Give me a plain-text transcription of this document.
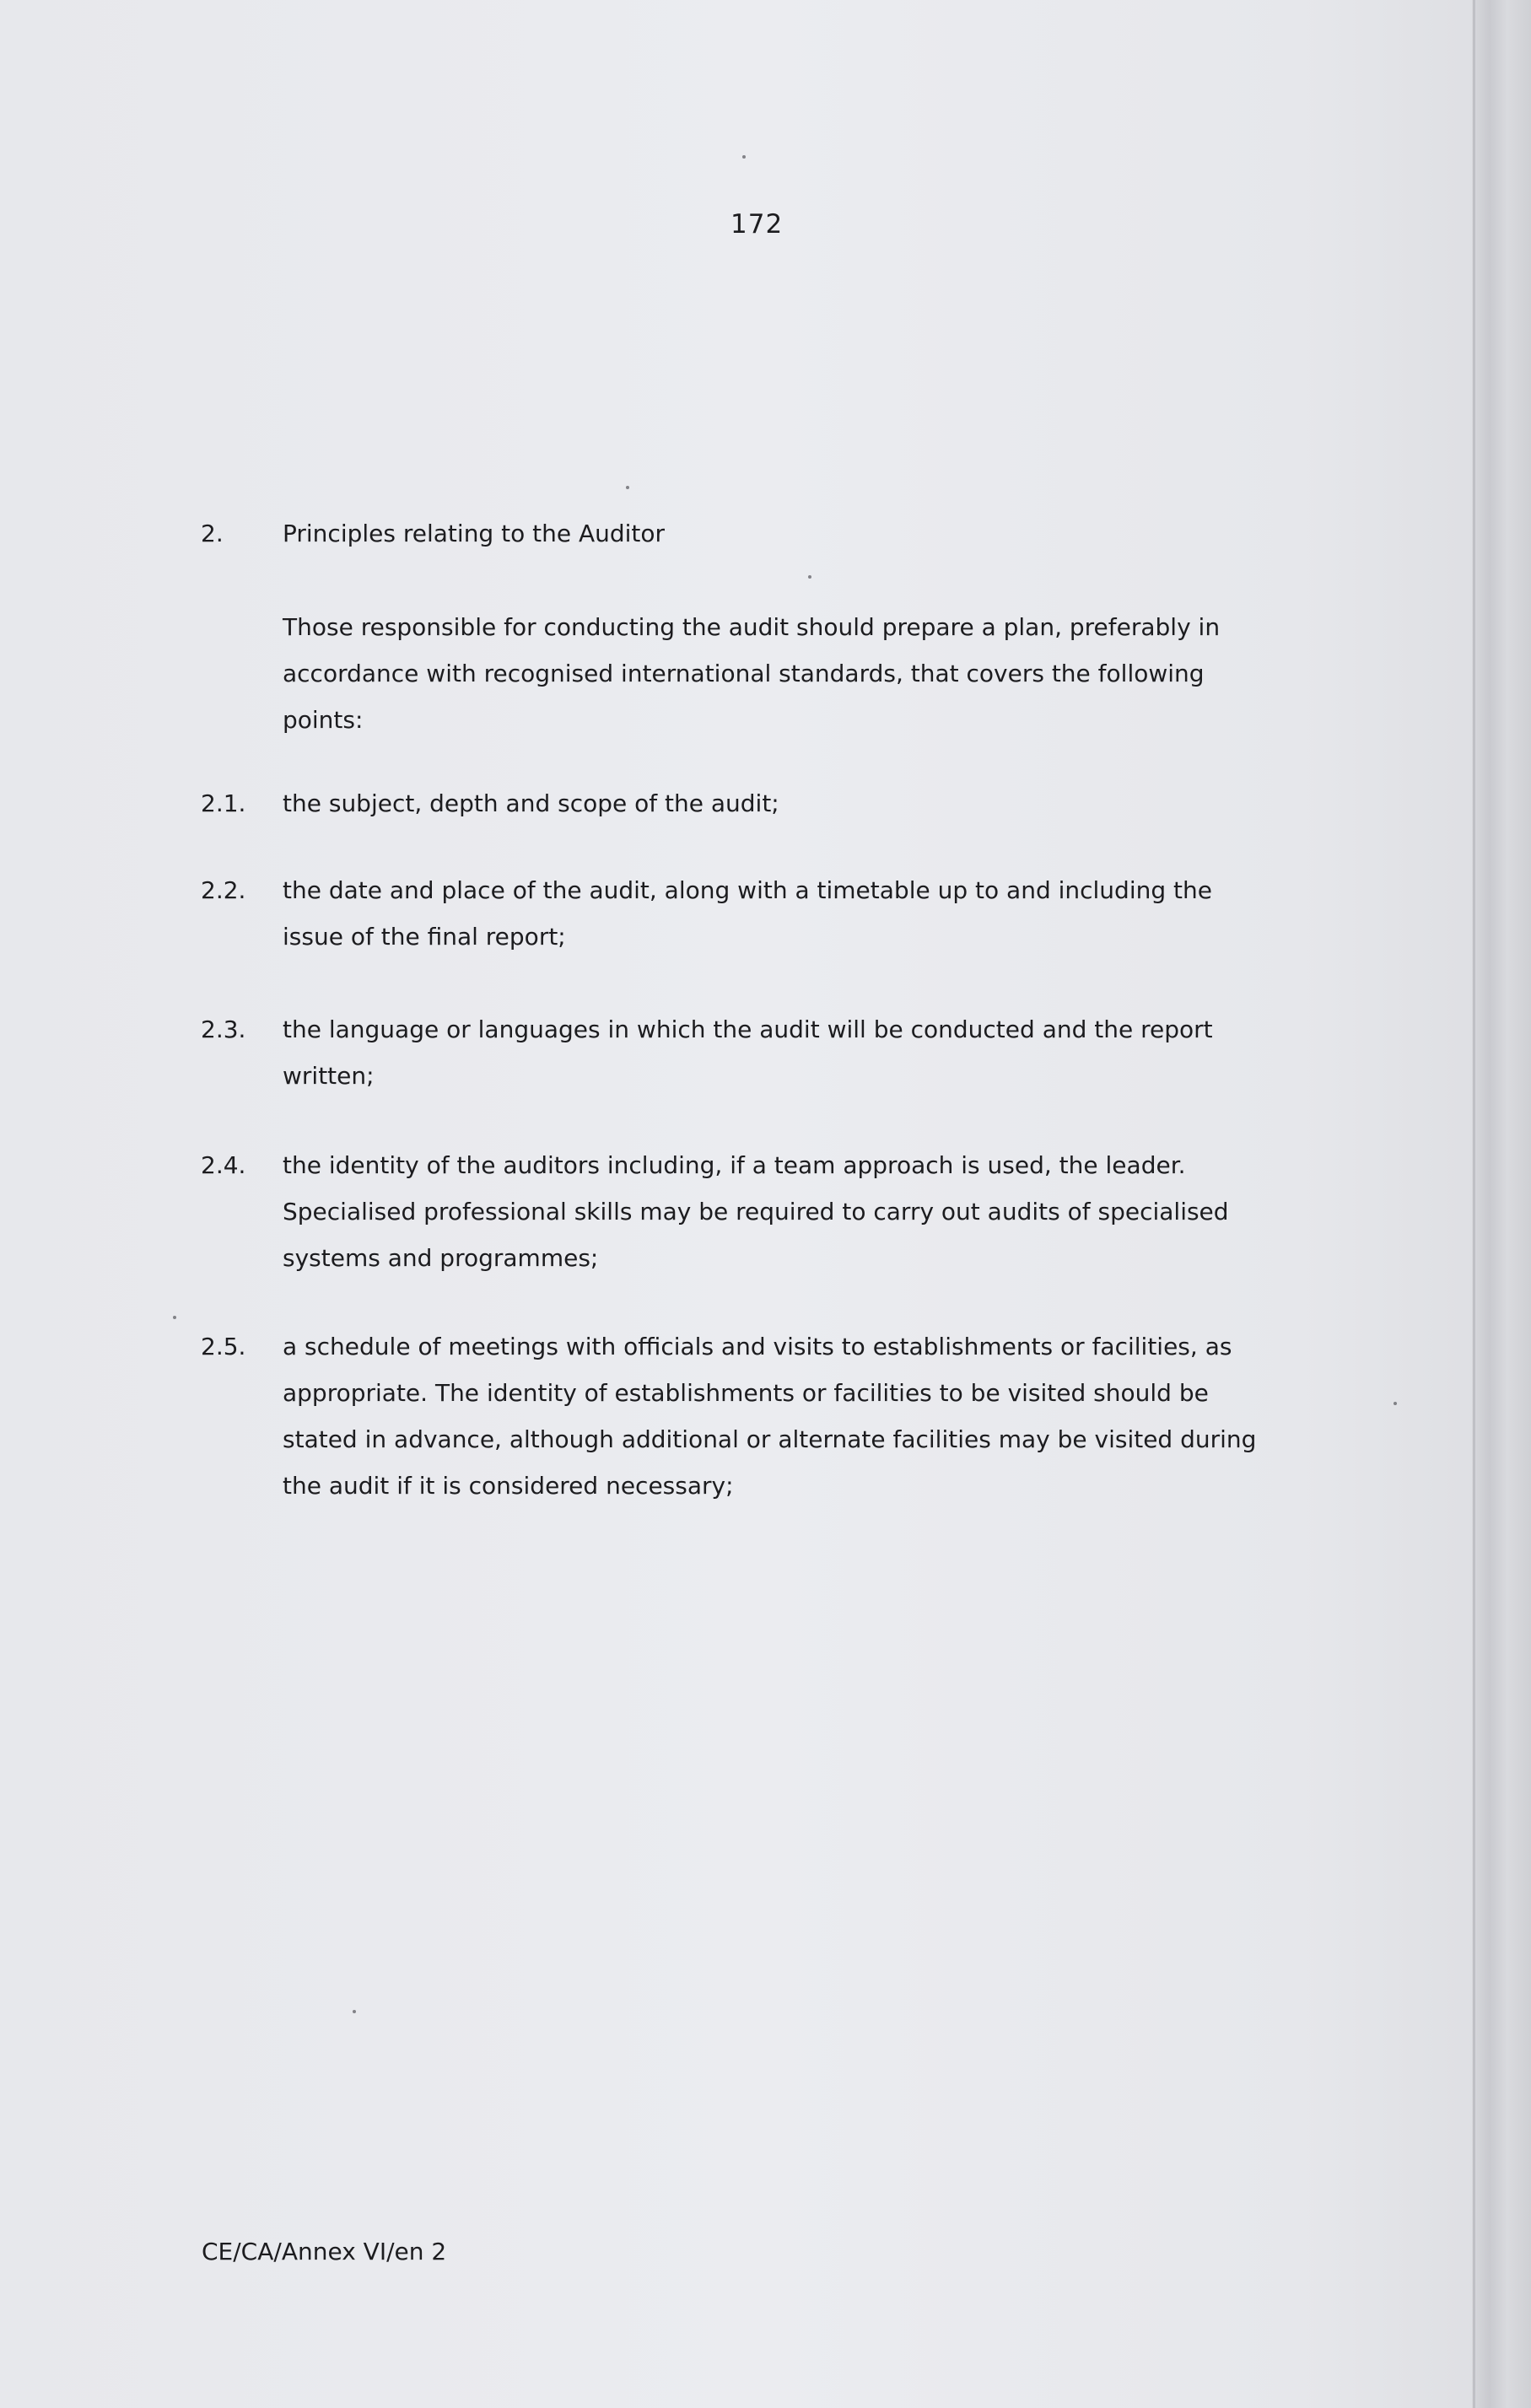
172
2.	Principles relating to the Auditor
Those responsible for conducting the audit should prepare a plan, preferably in accordance with recognised international standards, that covers the following points:
2.1.	the subject, depth and scope of the audit;
2.2.	the date and place of the audit, along with a timetable up to and including the issue of the final report;
2.3.	the language or languages in which the audit will be conducted and the report written;
2.4.	the identity of the auditors including, if a team approach is used, the leader. Specialised professional skills may be required to carry out audits of specialised systems and programmes;
2.5.	a schedule of meetings with officials and visits to establishments or facilities, as appropriate. The identity of establishments or facilities to be visited should be stated in advance, although additional or alternate facilities may be visited during the audit if it is considered necessary;
CE/CA/Annex VI/en 2
